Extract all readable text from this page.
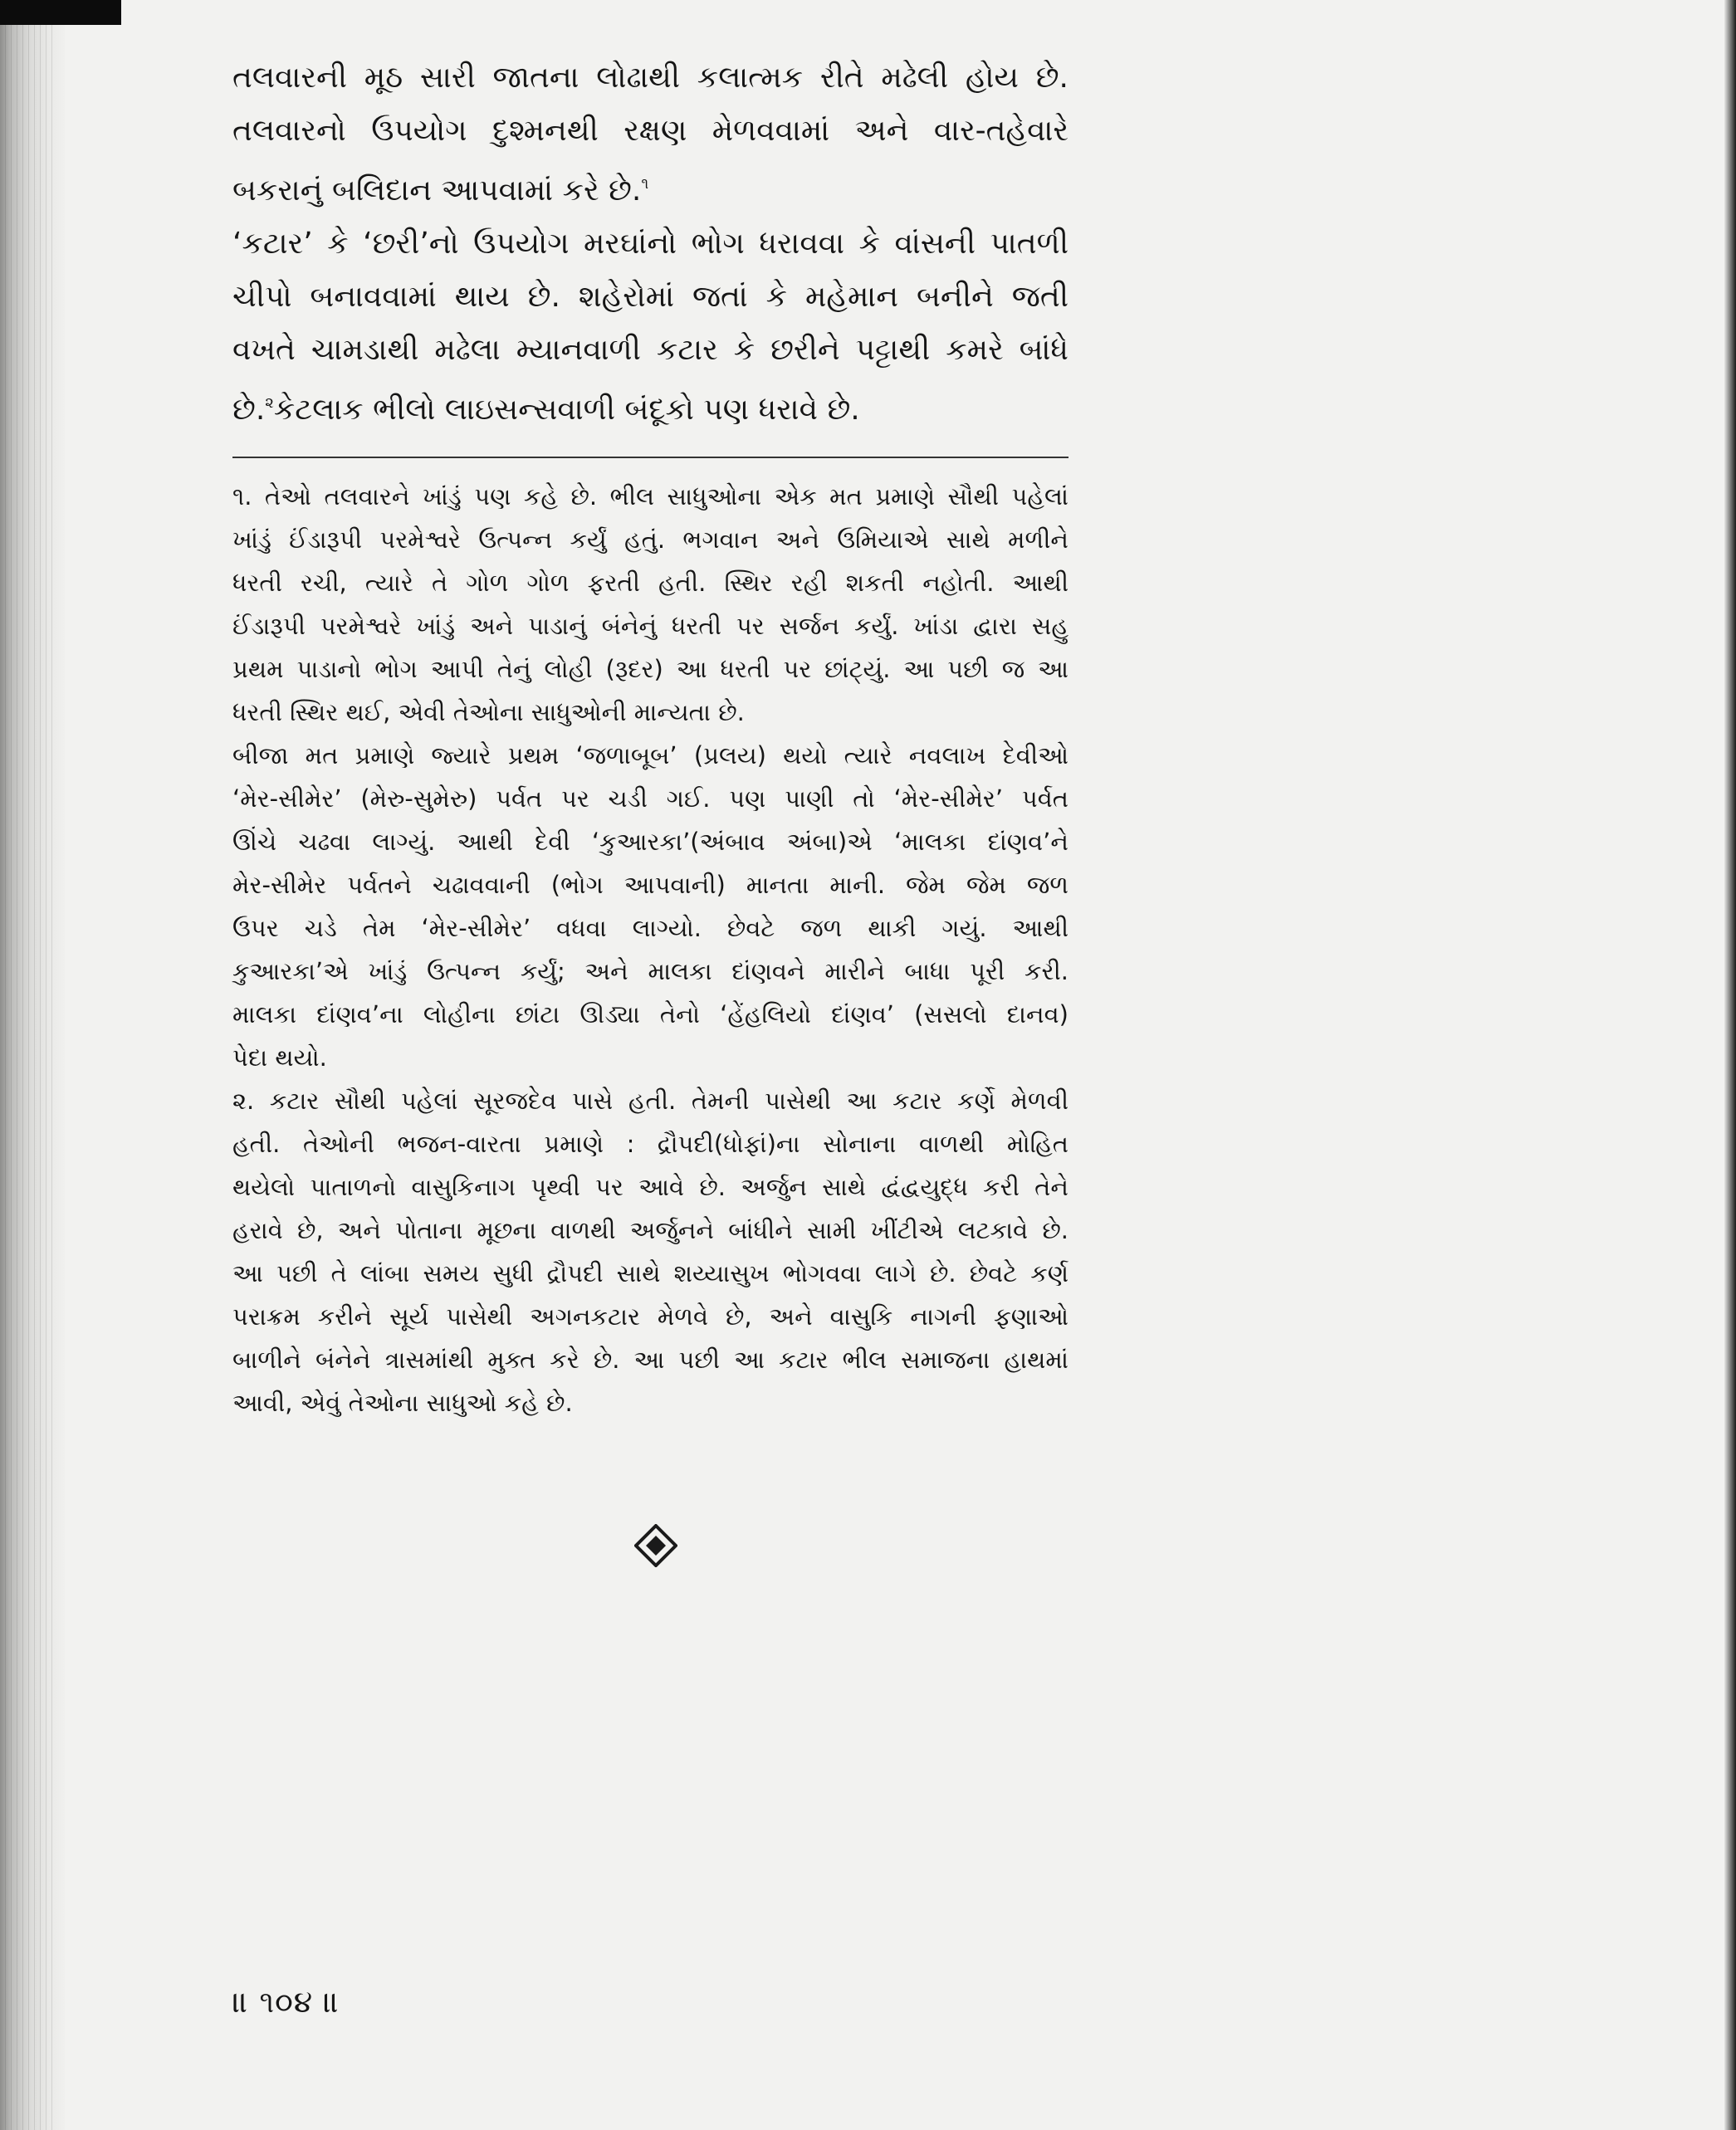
તલવારની મૂઠ સારી જાતના લોઢાથી કલાત્મક રીતે મઢેલી હોય છે.

તલવારનો ઉપયોગ દુશ્મનથી રક્ષણ મેળવવામાં અને વાર-તહેવારે

બકરાનું બલિદાન આપવામાં કરે છે.$^૧$

‘કટાર’ કે ‘છરી’નો ઉપયોગ મરઘાંનો ભોગ ધરાવવા કે વાંસની પાતળી

ચીપો બનાવવામાં થાય છે. શહેરોમાં જતાં કે મહેમાન બનીને જતી

વખતે ચામડાથી મઢેલા મ્યાનવાળી કટાર કે છરીને પટ્ટાથી કમરે બાંધે

છે.$^૨$કેટલાક ભીલો લાઇસન્સવાળી બંદૂકો પણ ધરાવે છે.

૧. તેઓ તલવારને ખાંડું પણ કહે છે. ભીલ સાધુઓના એક મત પ્રમાણે સૌથી પહેલાં

ખાંડું ઈંડારૂપી પરમેશ્વરે ઉત્પન્ન કર્યું હતું. ભગવાન અને ઉમિયાએ સાથે મળીને

ધરતી રચી, ત્યારે તે ગોળ ગોળ ફરતી હતી. સ્થિર રહી શકતી નહોતી. આથી

ઈંડારૂપી પરમેશ્વરે ખાંડું અને પાડાનું બંનેનું ધરતી પર સર્જન કર્યું. ખાંડા દ્વારા સહુ

પ્રથમ પાડાનો ભોગ આપી તેનું લોહી (રૂદર) આ ધરતી પર છાંટ્યું. આ પછી જ આ

ધરતી સ્થિર થઈ, એવી તેઓના સાધુઓની માન્યતા છે.

બીજા મત પ્રમાણે જ્યારે પ્રથમ ‘જળાબૂબ’ (પ્રલય) થયો ત્યારે નવલાખ દેવીઓ

‘મેર-સીમેર’ (મેરુ-સુમેરુ) પર્વત પર ચડી ગઈ. પણ પાણી તો ‘મેર-સીમેર’ પર્વત

ઊંચે ચઢવા લાગ્યું. આથી દેવી ‘કુઆરકા’(અંબાવ અંબા)એ ‘માલકા દાંણવ’ને

મેર-સીમેર પર્વતને ચઢાવવાની (ભોગ આપવાની) માનતા માની. જેમ જેમ જળ

ઉપર ચડે તેમ ‘મેર-સીમેર’ વધવા લાગ્યો. છેવટે જળ થાકી ગયું. આથી

કુઆરકા’એ ખાંડું ઉત્પન્ન કર્યું; અને માલકા દાંણવને મારીને બાધા પૂરી કરી.

માલકા દાંણવ’ના લોહીના છાંટા ઊડ્યા તેનો ‘હેંહલિયો દાંણવ’ (સસલો દાનવ)

પેદા થયો.

૨. કટાર સૌથી પહેલાં સૂરજદેવ પાસે હતી. તેમની પાસેથી આ કટાર કર્ણે મેળવી

હતી. તેઓની ભજન-વારતા પ્રમાણે : દ્રૌપદી(ધોફાં)ના સોનાના વાળથી મોહિત

થયેલો પાતાળનો વાસુકિનાગ પૃથ્વી પર આવે છે. અર્જુન સાથે દ્વંદ્વયુદ્ધ કરી તેને

હરાવે છે, અને પોતાના મૂછના વાળથી અર્જુનને બાંધીને સામી ખીંટીએ લટકાવે છે.

આ પછી તે લાંબા સમય સુધી દ્રૌપદી સાથે શય્યાસુખ ભોગવવા લાગે છે. છેવટે કર્ણ

પરાક્રમ કરીને સૂર્ય પાસેથી અગનકટાર મેળવે છે, અને વાસુકિ નાગની ફણાઓ

બાળીને બંનેને ત્રાસમાંથી મુક્ત કરે છે. આ પછી આ કટાર ભીલ સમાજના હાથમાં

આવી, એવું તેઓના સાધુઓ કહે છે.

॥ ૧૦૪ ॥
